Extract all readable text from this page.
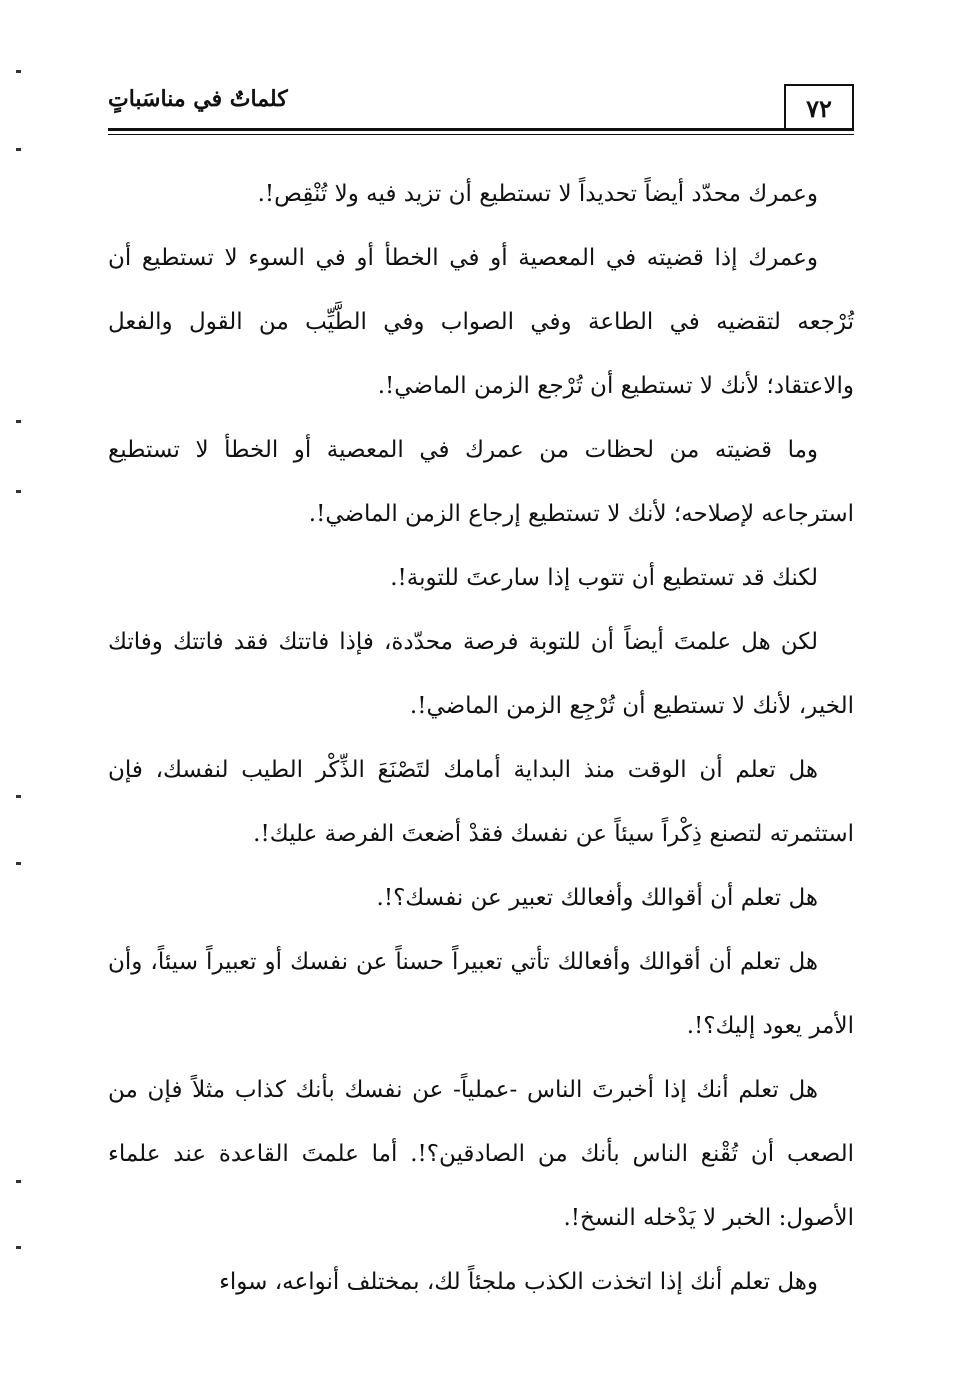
كلماتٌ في مناسَباتٍ	٧٢

وعمرك محدّد أيضاً تحديداً لا تستطيع أن تزيد فيه ولا تُنْقِص!.

وعمرك إذا قضيته في المعصية أو في الخطأ أو في السوء لا تستطيع أن تُرْجعه لتقضيه في الطاعة وفي الصواب وفي الطَّيِّب من القول والفعل والاعتقاد؛ لأنك لا تستطيع أن تُرْجع الزمن الماضي!.

وما قضيته من لحظات من عمرك في المعصية أو الخطأ لا تستطيع استرجاعه لإصلاحه؛ لأنك لا تستطيع إرجاع الزمن الماضي!.

لكنك قد تستطيع أن تتوب إذا سارعتَ للتوبة!.

لكن هل علمتَ أيضاً أن للتوبة فرصة محدّدة، فإذا فاتتك فقد فاتتك وفاتك الخير، لأنك لا تستطيع أن تُرْجِع الزمن الماضي!.

هل تعلم أن الوقت منذ البداية أمامك لتَصْنَعَ الذِّكْر الطيب لنفسك، فإن استثمرته لتصنع ذِكْراً سيئاً عن نفسك فقدْ أضعتَ الفرصة عليك!.

هل تعلم أن أقوالك وأفعالك تعبير عن نفسك؟!.

هل تعلم أن أقوالك وأفعالك تأتي تعبيراً حسناً عن نفسك أو تعبيراً سيئاً، وأن الأمر يعود إليك؟!.

هل تعلم أنك إذا أخبرتَ الناس -عملياً- عن نفسك بأنك كذاب مثلاً فإن من الصعب أن تُقْنع الناس بأنك من الصادقين؟!. أما علمتَ القاعدة عند علماء الأصول: الخبر لا يَدْخله النسخ!.

وهل تعلم أنك إذا اتخذت الكذب ملجئاً لك، بمختلف أنواعه، سواء
